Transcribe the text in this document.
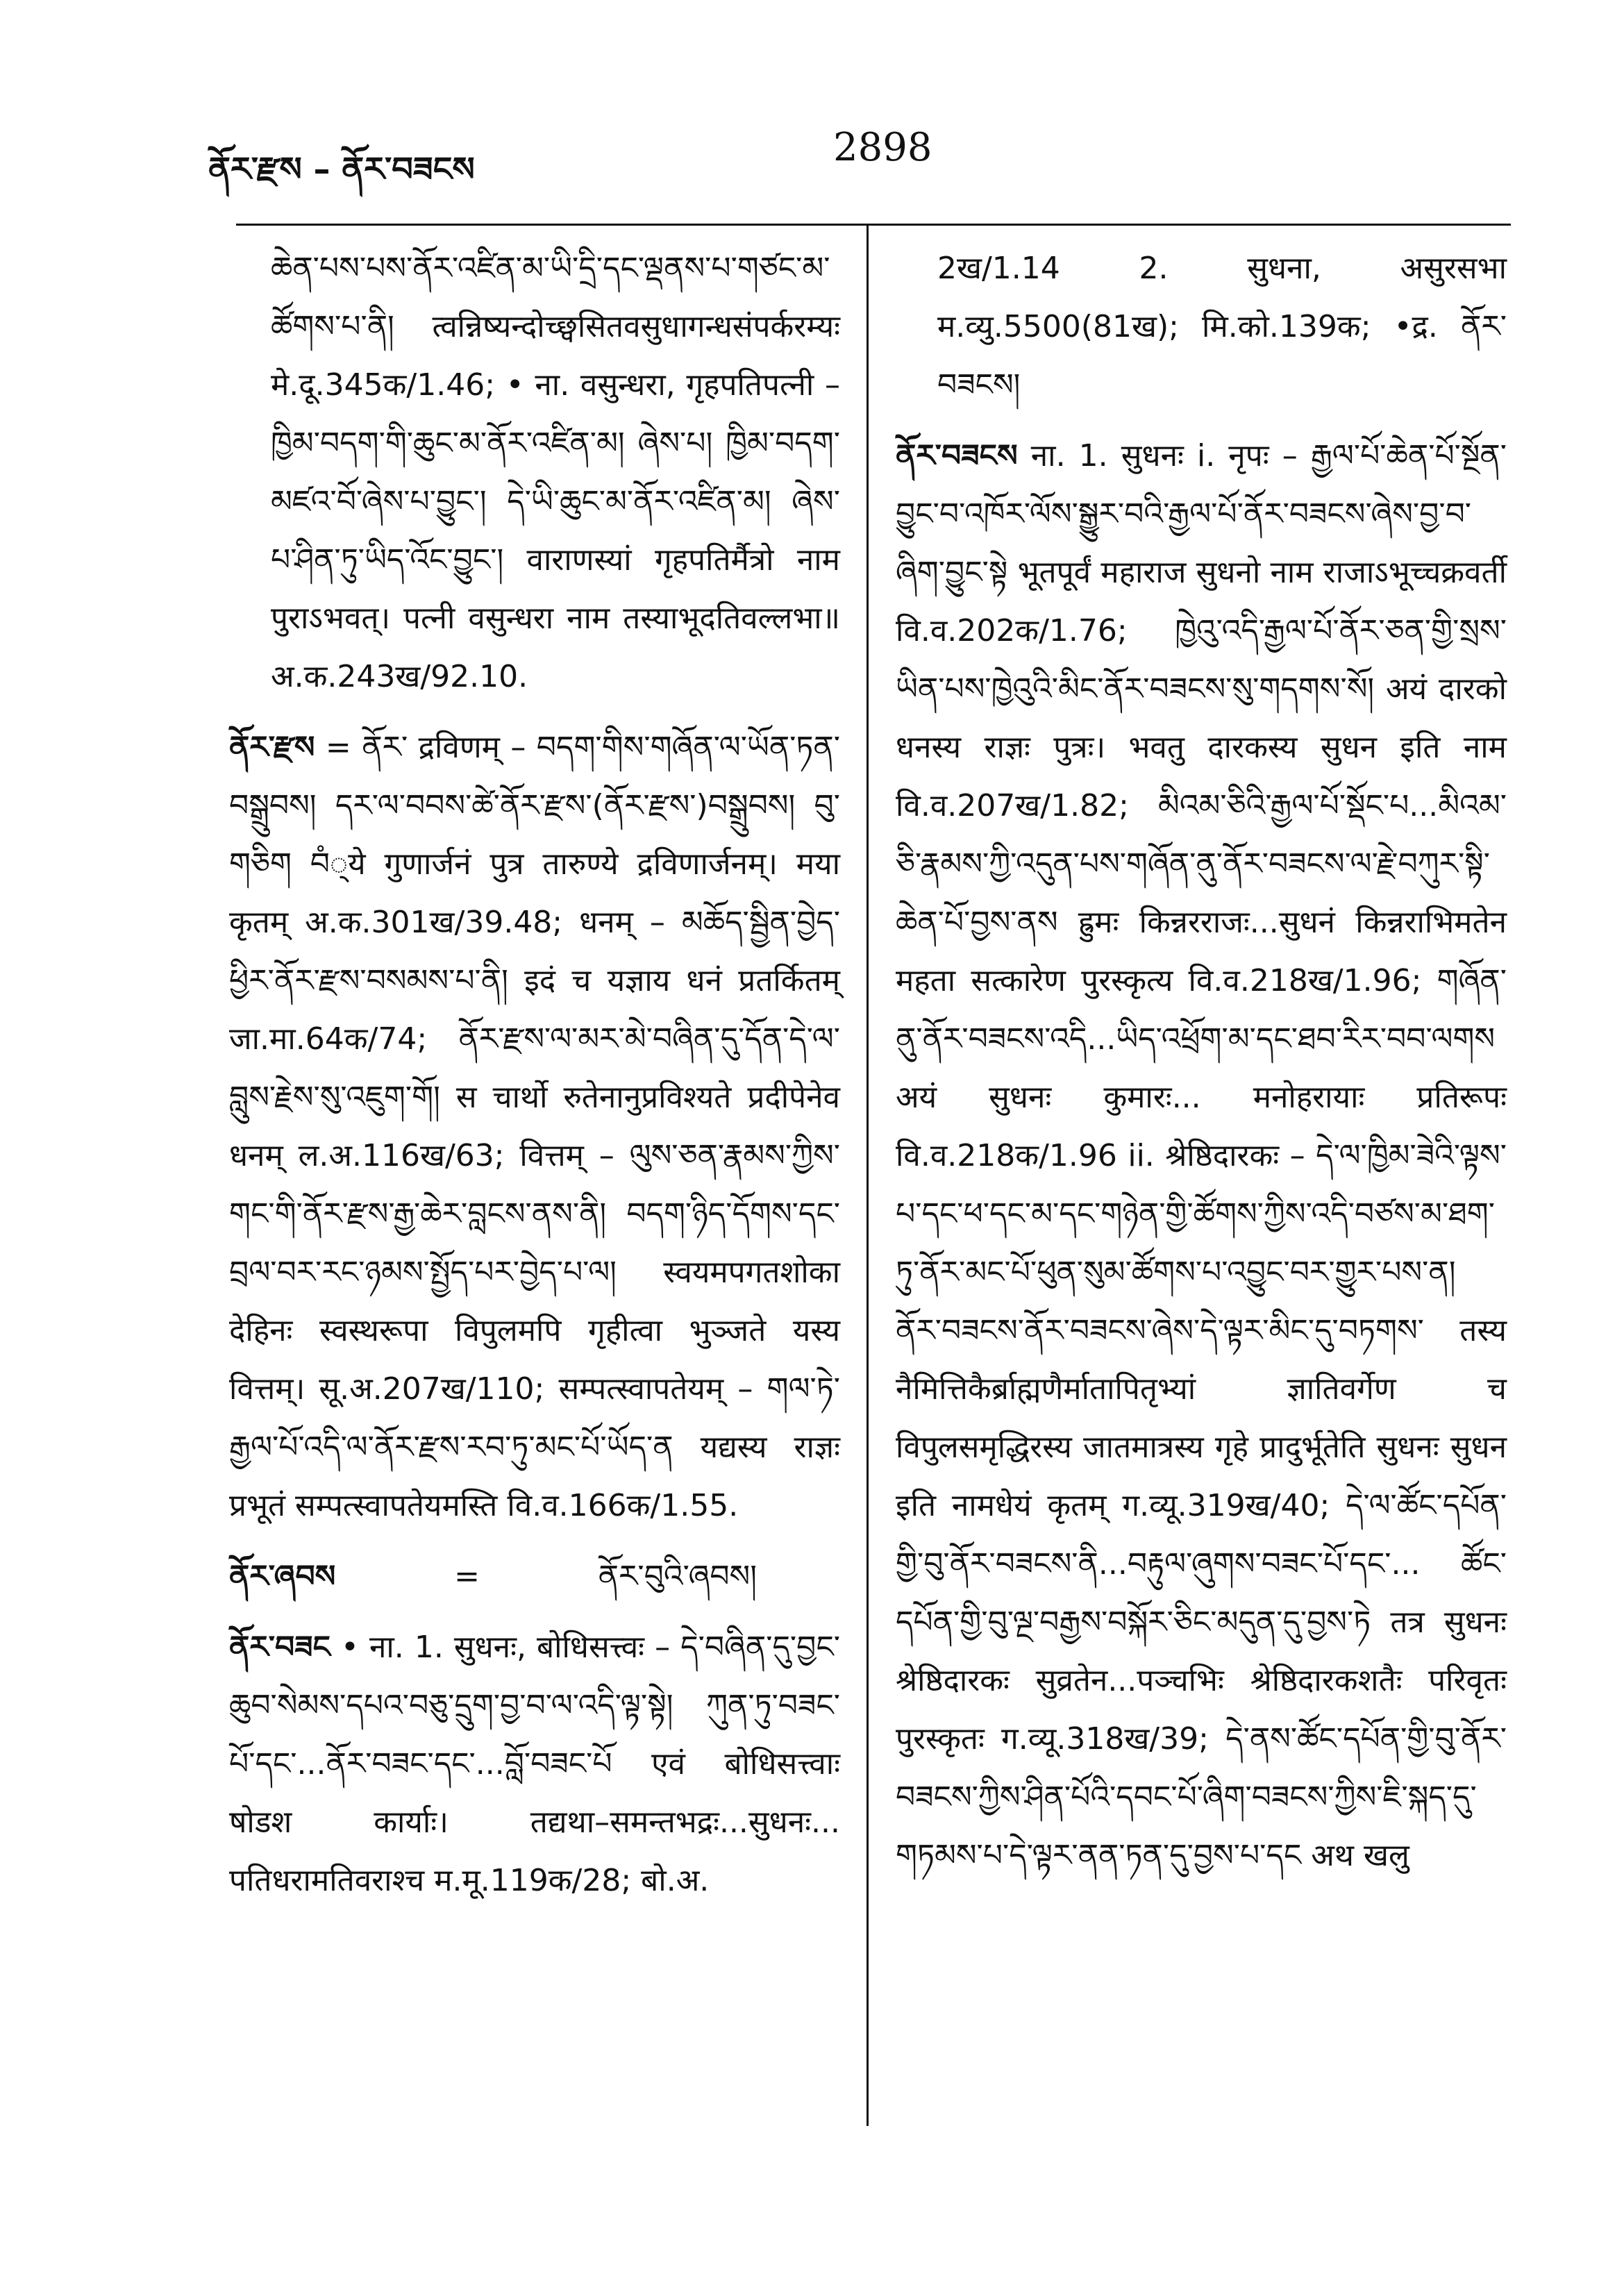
ནོར་རྫས – ནོར་བཟངས	2898

ཆེན་པས་པས་ནོར་འཛིན་མ་ཡི་དྲི་དང་ལྡནས་པ་གཙང་མ་ཚོགས་པ་ནི། त्वन्निष्यन्दोच्छ्वसितवसुधागन्धसंपर्करम्यः मे.दू.345क/1.46; • ना. वसुन्धरा, गृहपतिपत्नी – ཁྱིམ་བདག་གི་ཆུང་མ་ནོར་འཛིན་མ། ཞེས་པ། ཁྱིམ་བདག་མཛའ་བོ་ཞེས་པ་བྱུང་། དེ་ཡི་ཆུང་མ་ནོར་འཛིན་མ། ཞེས་པ་ཤིན་ཏུ་ཡིད་འོང་བྱུང་། वाराणस्यां गृहपतिर्मैत्रो नाम पुराऽभवत्। पत्नी वसुन्धरा नाम तस्याभूदतिवल्लभा॥ अ.क.243ख/92.10.

ནོར་རྫས = ནོར་ द्रविणम् – བདག་གིས་གཞོན་ལ་ཡོན་ཏན་བསྒྲུབས། དར་ལ་བབས་ཚེ་ནོར་རྫས་(ནོར་རྫས་)བསྒྲུབས། བུ་གཅིག བཾ्ये गुणार्जनं पुत्र तारुण्ये द्रविणार्जनम्। मया कृतम् अ.क.301ख/39.48; धनम् – མཆོད་སྦྱིན་བྱེད་ཕྱིར་ནོར་རྫས་བསམས་པ་ནི། इदं च यज्ञाय धनं प्रतर्कितम् जा.मा.64क/74; ནོར་རྫས་ལ་མར་མེ་བཞིན་དུ་དོན་དེ་ལ་བླུས་རྗེས་སུ་འཇུག་གོ། स चार्थो रुतेनानुप्रविश्यते प्रदीपेनेव धनम् ल.अ.116ख/63; वित्तम् – ལུས་ཅན་རྣམས་ཀྱིས་གང་གི་ནོར་རྫས་རྒྱ་ཆེར་བླངས་ནས་ནི། བདག་ཉིད་དོགས་དང་བྲལ་བར་རང་ཉམས་སྤྱོད་པར་བྱེད་པ་ལ། स्वयमपगतशोका देहिनः स्वस्थरूपा विपुलमपि गृहीत्वा भुञ्जते यस्य वित्तम्। सू.अ.207ख/110; सम्पत्स्वापतेयम् – གལ་ཏེ་རྒྱལ་པོ་འདི་ལ་ནོར་རྫས་རབ་ཏུ་མང་པོ་ཡོད་ན यद्यस्य राज्ञः प्रभूतं सम्पत्स्वापतेयमस्ति वि.व.166क/1.55.

ནོར་ཞབས	=	ནོར་བུའི་ཞབས།

ནོར་བཟང • ना. 1. सुधनः, बोधिसत्त्वः – དེ་བཞིན་དུ་བྱང་ཆུབ་སེམས་དཔའ་བཅུ་དྲུག་བྱ་བ་ལ་འདི་ལྟ་སྟེ། ཀུན་ཏུ་བཟང་པོ་དང་...ནོར་བཟང་དང་...བློ་བཟང་པོ एवं बोधिसत्त्वाः षोडश कार्याः। तद्यथा–समन्तभद्रः...सुधनः... पतिधरामतिवराश्च म.मू.119क/28; बो.अ.

2ख/1.14 2. सुधना, असुरसभा म.व्यु.5500(81ख); मि.को.139क; •द्र. ནོར་བཟངས།

ནོར་བཟངས ना. 1. सुधनः i. नृपः – རྒྱལ་པོ་ཆེན་པོ་སྔོན་བྱུང་བ་འཁོར་ལོས་སྒྱུར་བའི་རྒྱལ་པོ་ནོར་བཟངས་ཞེས་བྱ་བ་ཞིག་བྱུང་སྟེ भूतपूर्वं महाराज सुधनो नाम राजाऽभूच्चक्रवर्ती वि.व.202क/1.76; ཁྱེའུ་འདི་རྒྱལ་པོ་ནོར་ཅན་གྱི་སྲས་ཡིན་པས་ཁྱེའུའི་མིང་ནོར་བཟངས་སུ་གདགས་སོ། अयं दारको धनस्य राज्ञः पुत्रः। भवतु दारकस्य सुधन इति नाम वि.व.207ख/1.82; མིའམ་ཅིའི་རྒྱལ་པོ་སྡོང་པ...མིའམ་ཅི་རྣམས་ཀྱི་འདུན་པས་གཞོན་ནུ་ནོར་བཟངས་ལ་རྗེ་བཀུར་སྟི་ཆེན་པོ་བྱས་ནས ह्रुमः किन्नरराजः...सुधनं किन्नराभिमतेन महता सत्कारेण पुरस्कृत्य वि.व.218ख/1.96; གཞོན་ནུ་ནོར་བཟངས་འདི...ཡིད་འཕྲོག་མ་དང་ཐབ་རིར་བབ་ལགས अयं सुधनः कुमारः... मनोहरायाः प्रतिरूपः वि.व.218क/1.96 ii. श्रेष्ठिदारकः – དེ་ལ་ཁྱིམ་ཟེའི་ལྟས་པ་དང་ཕ་དང་མ་དང་གཉེན་གྱི་ཚོགས་ཀྱིས་འདི་བཙས་མ་ཐག་ཏུ་ནོར་མང་པོ་ཕུན་སུམ་ཚོགས་པ་འབྱུང་བར་གྱུར་པས་ན། ནོར་བཟངས་ནོར་བཟངས་ཞེས་དེ་ལྟར་མིང་དུ་བཏགས་ तस्य नैमित्तिकैर्ब्राह्मणैर्मातापितृभ्यां ज्ञातिवर्गेण च विपुलसमृद्धिरस्य जातमात्रस्य गृहे प्रादुर्भूतेति सुधनः सुधन इति नामधेयं कृतम् ग.व्यू.319ख/40; དེ་ལ་ཚོང་དཔོན་གྱི་བུ་ནོར་བཟངས་ནི...བརྟུལ་ཞུགས་བཟང་པོ་དང་... ཚོང་དཔོན་གྱི་བུ་ལྔ་བརྒྱས་བསྐོར་ཅིང་མདུན་དུ་བྱས་ཏེ तत्र सुधनः श्रेष्ठिदारकः सुव्रतेन...पञ्चभिः श्रेष्ठिदारकशतैः परिवृतः पुरस्कृतः ग.व्यू.318ख/39; དེ་ནས་ཚོང་དཔོན་གྱི་བུ་ནོར་བཟངས་ཀྱིས་ཤིན་པོའི་དབང་པོ་ཞིག་བཟངས་ཀྱིས་ཇི་སྐད་དུ་གཏམས་པ་དེ་ལྟར་ནན་ཏན་དུ་བྱས་པ་དང अथ खलु
